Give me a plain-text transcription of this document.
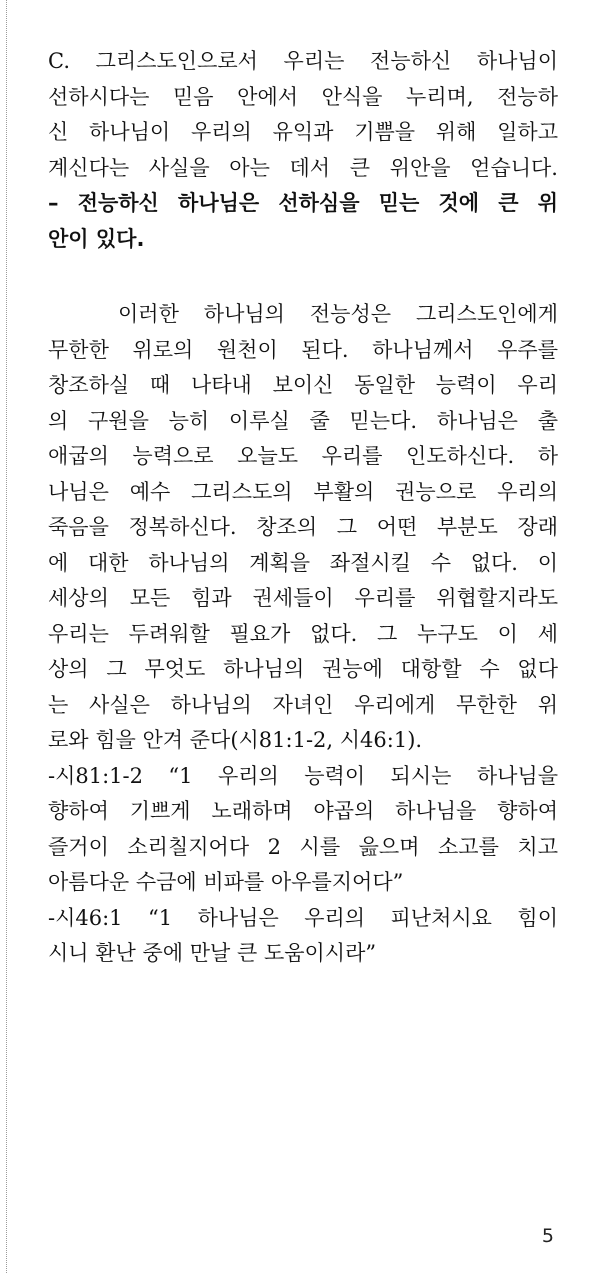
C. 그리스도인으로서 우리는 전능하신 하나님이
선하시다는 믿음 안에서 안식을 누리며, 전능하
신 하나님이 우리의 유익과 기쁨을 위해 일하고
계신다는 사실을 아는 데서 큰 위안을 얻습니다.
– 전능하신 하나님은 선하심을 믿는 것에 큰 위
안이 있다.
이러한 하나님의 전능성은 그리스도인에게
무한한 위로의 원천이 된다. 하나님께서 우주를
창조하실 때 나타내 보이신 동일한 능력이 우리
의 구원을 능히 이루실 줄 믿는다. 하나님은 출
애굽의 능력으로 오늘도 우리를 인도하신다. 하
나님은 예수 그리스도의 부활의 권능으로 우리의
죽음을 정복하신다. 창조의 그 어떤 부분도 장래
에 대한 하나님의 계획을 좌절시킬 수 없다. 이
세상의 모든 힘과 권세들이 우리를 위협할지라도
우리는 두려워할 필요가 없다. 그 누구도 이 세
상의 그 무엇도 하나님의 권능에 대항할 수 없다
는 사실은 하나님의 자녀인 우리에게 무한한 위
로와 힘을 안겨 준다(시81:1-2, 시46:1).
-시81:1-2 “1 우리의 능력이 되시는 하나님을
향하여 기쁘게 노래하며 야곱의 하나님을 향하여
즐거이 소리칠지어다 2 시를 읊으며 소고를 치고
아름다운 수금에 비파를 아우를지어다”
-시46:1 “1 하나님은 우리의 피난처시요 힘이
시니 환난 중에 만날 큰 도움이시라”
5
